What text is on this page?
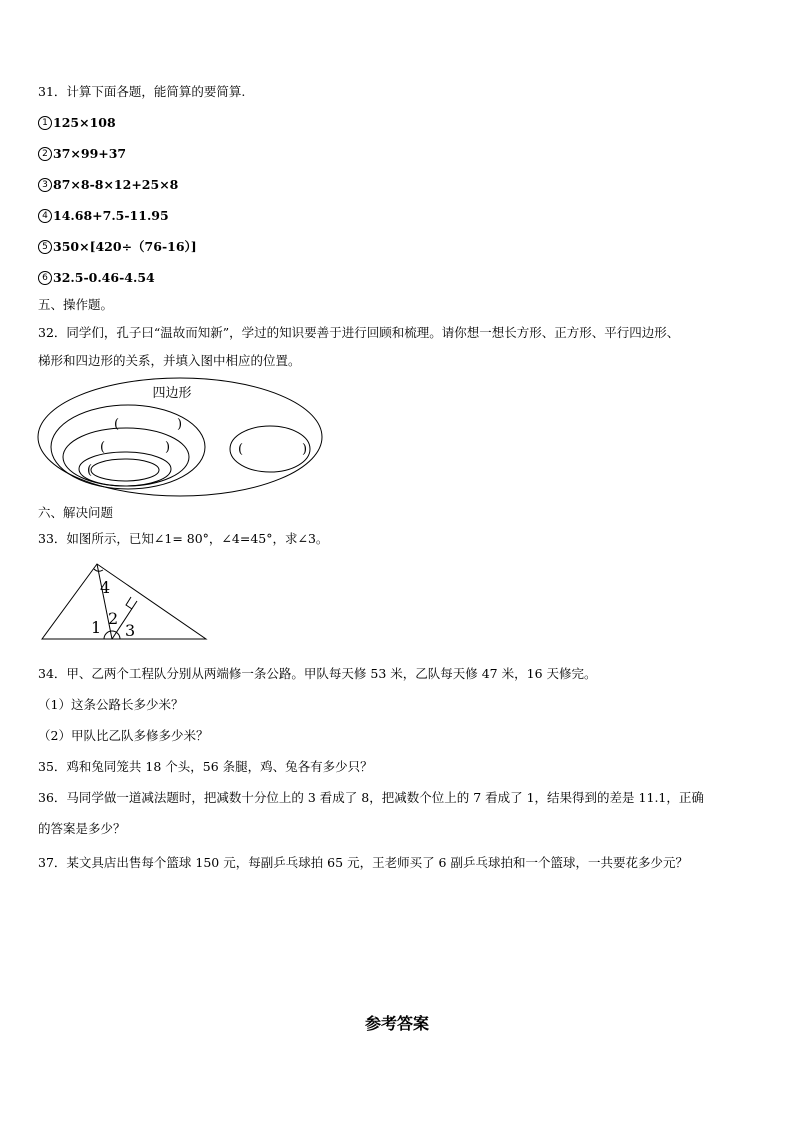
31．计算下面各题，能简算的要简算.
1 125×108
2 37×99+37
3 87×8-8×12+25×8
4 14.68+7.5-11.95
5 350×[420÷（76-16）]
6 32.5-0.46-4.54
五、操作题。
32．同学们，孔子曰“温故而知新”，学过的知识要善于进行回顾和梳理。请你想一想长方形、正方形、平行四边形、
梯形和四边形的关系，并填入图中相应的位置。
四边形
(	)
(	)
(
(	)
六、解决问题
33．如图所示，已知∠1= 80°，∠4=45°，求∠3。
4
1 2
3
34．甲、乙两个工程队分别从两端修一条公路。甲队每天修 53 米，乙队每天修 47 米，16 天修完。
（1）这条公路长多少米？
（2）甲队比乙队多修多少米？
35．鸡和兔同笼共 18 个头，56 条腿，鸡、兔各有多少只？
36．马同学做一道减法题时，把减数十分位上的 3 看成了 8，把减数个位上的 7 看成了 1，结果得到的差是 11.1，正确
的答案是多少？
37．某文具店出售每个篮球 150 元，每副乒乓球拍 65 元，王老师买了 6 副乒乓球拍和一个篮球，一共要花多少元？
参考答案
